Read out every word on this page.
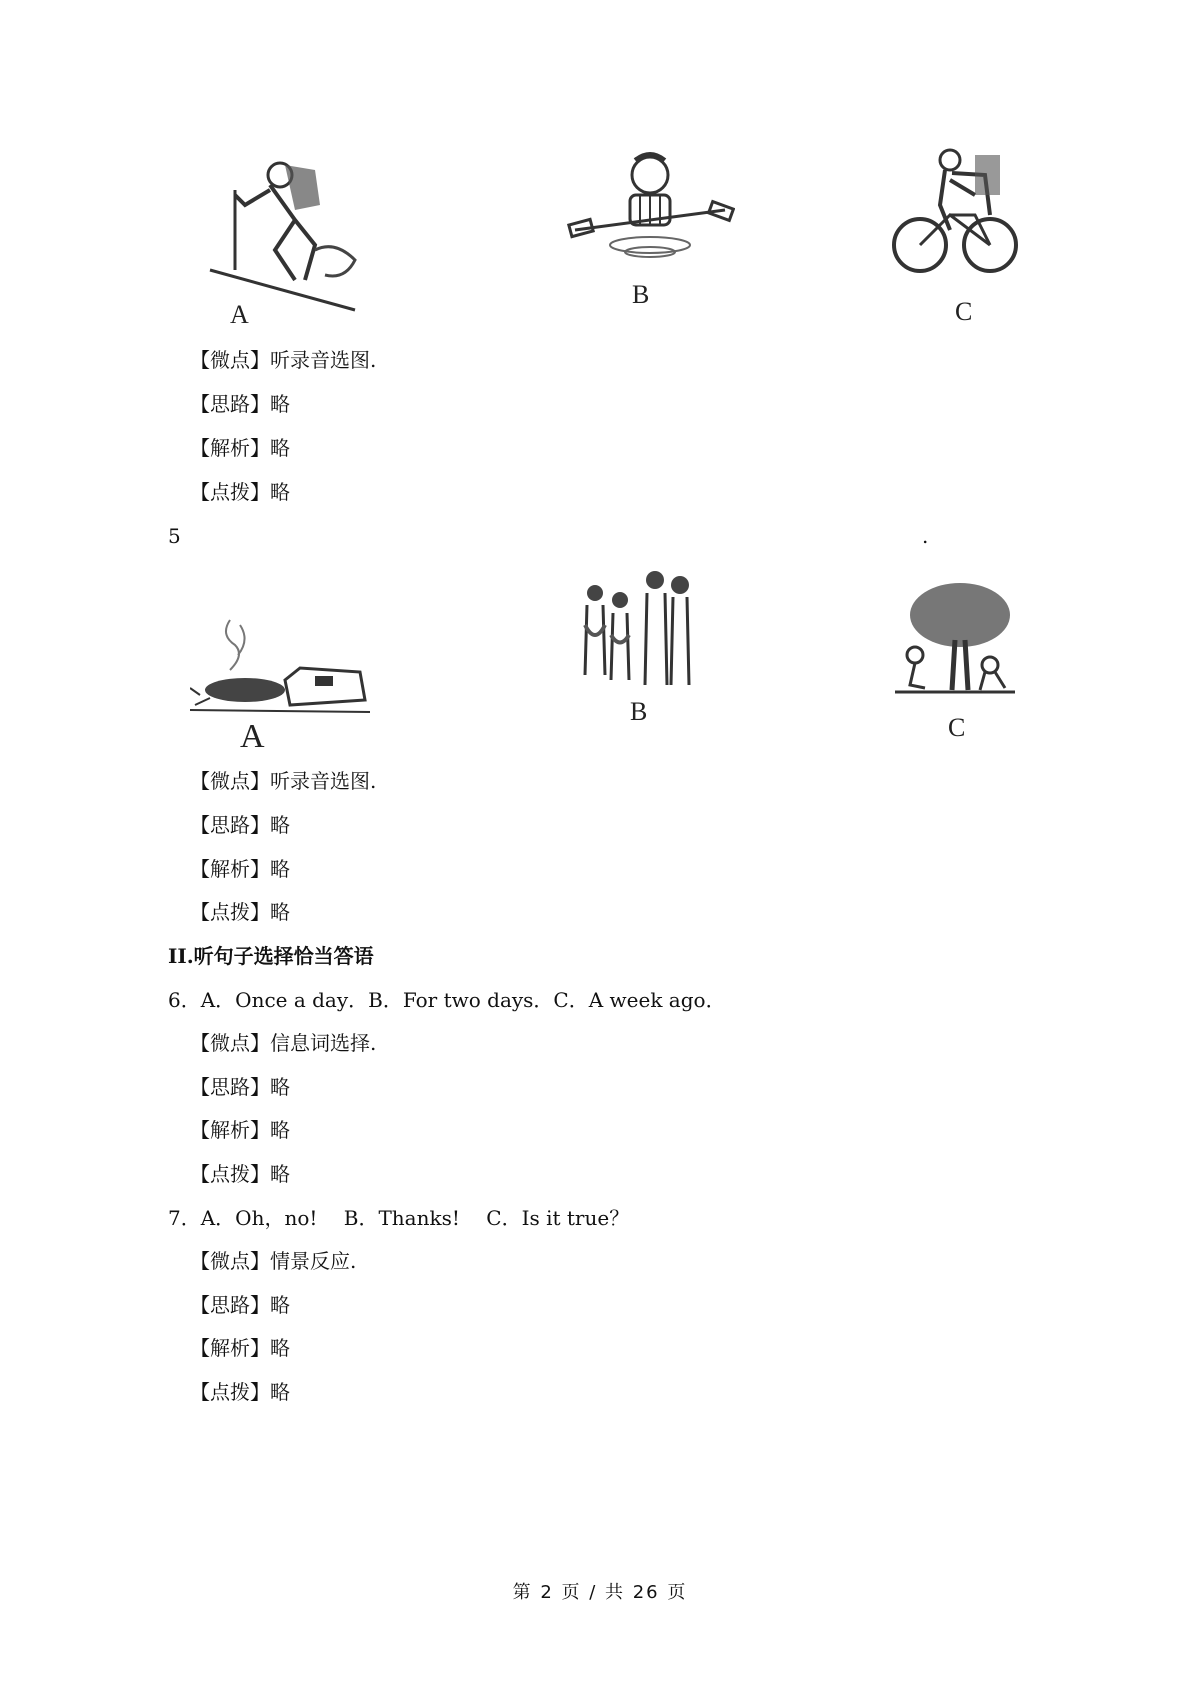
A
B
C
【微点】听录音选图.
【思路】略
【解析】略
【点拨】略
5	.
A
B
C
【微点】听录音选图.
【思路】略
【解析】略
【点拨】略
II.听句子选择恰当答语
6．A．Once a day．B．For two days．C．A week ago．
【微点】信息词选择.
【思路】略
【解析】略
【点拨】略
7．A．Oh，no!　 B．Thanks!　 C．Is it true？
【微点】情景反应.
【思路】略
【解析】略
【点拨】略
第 2 页 / 共 26 页
